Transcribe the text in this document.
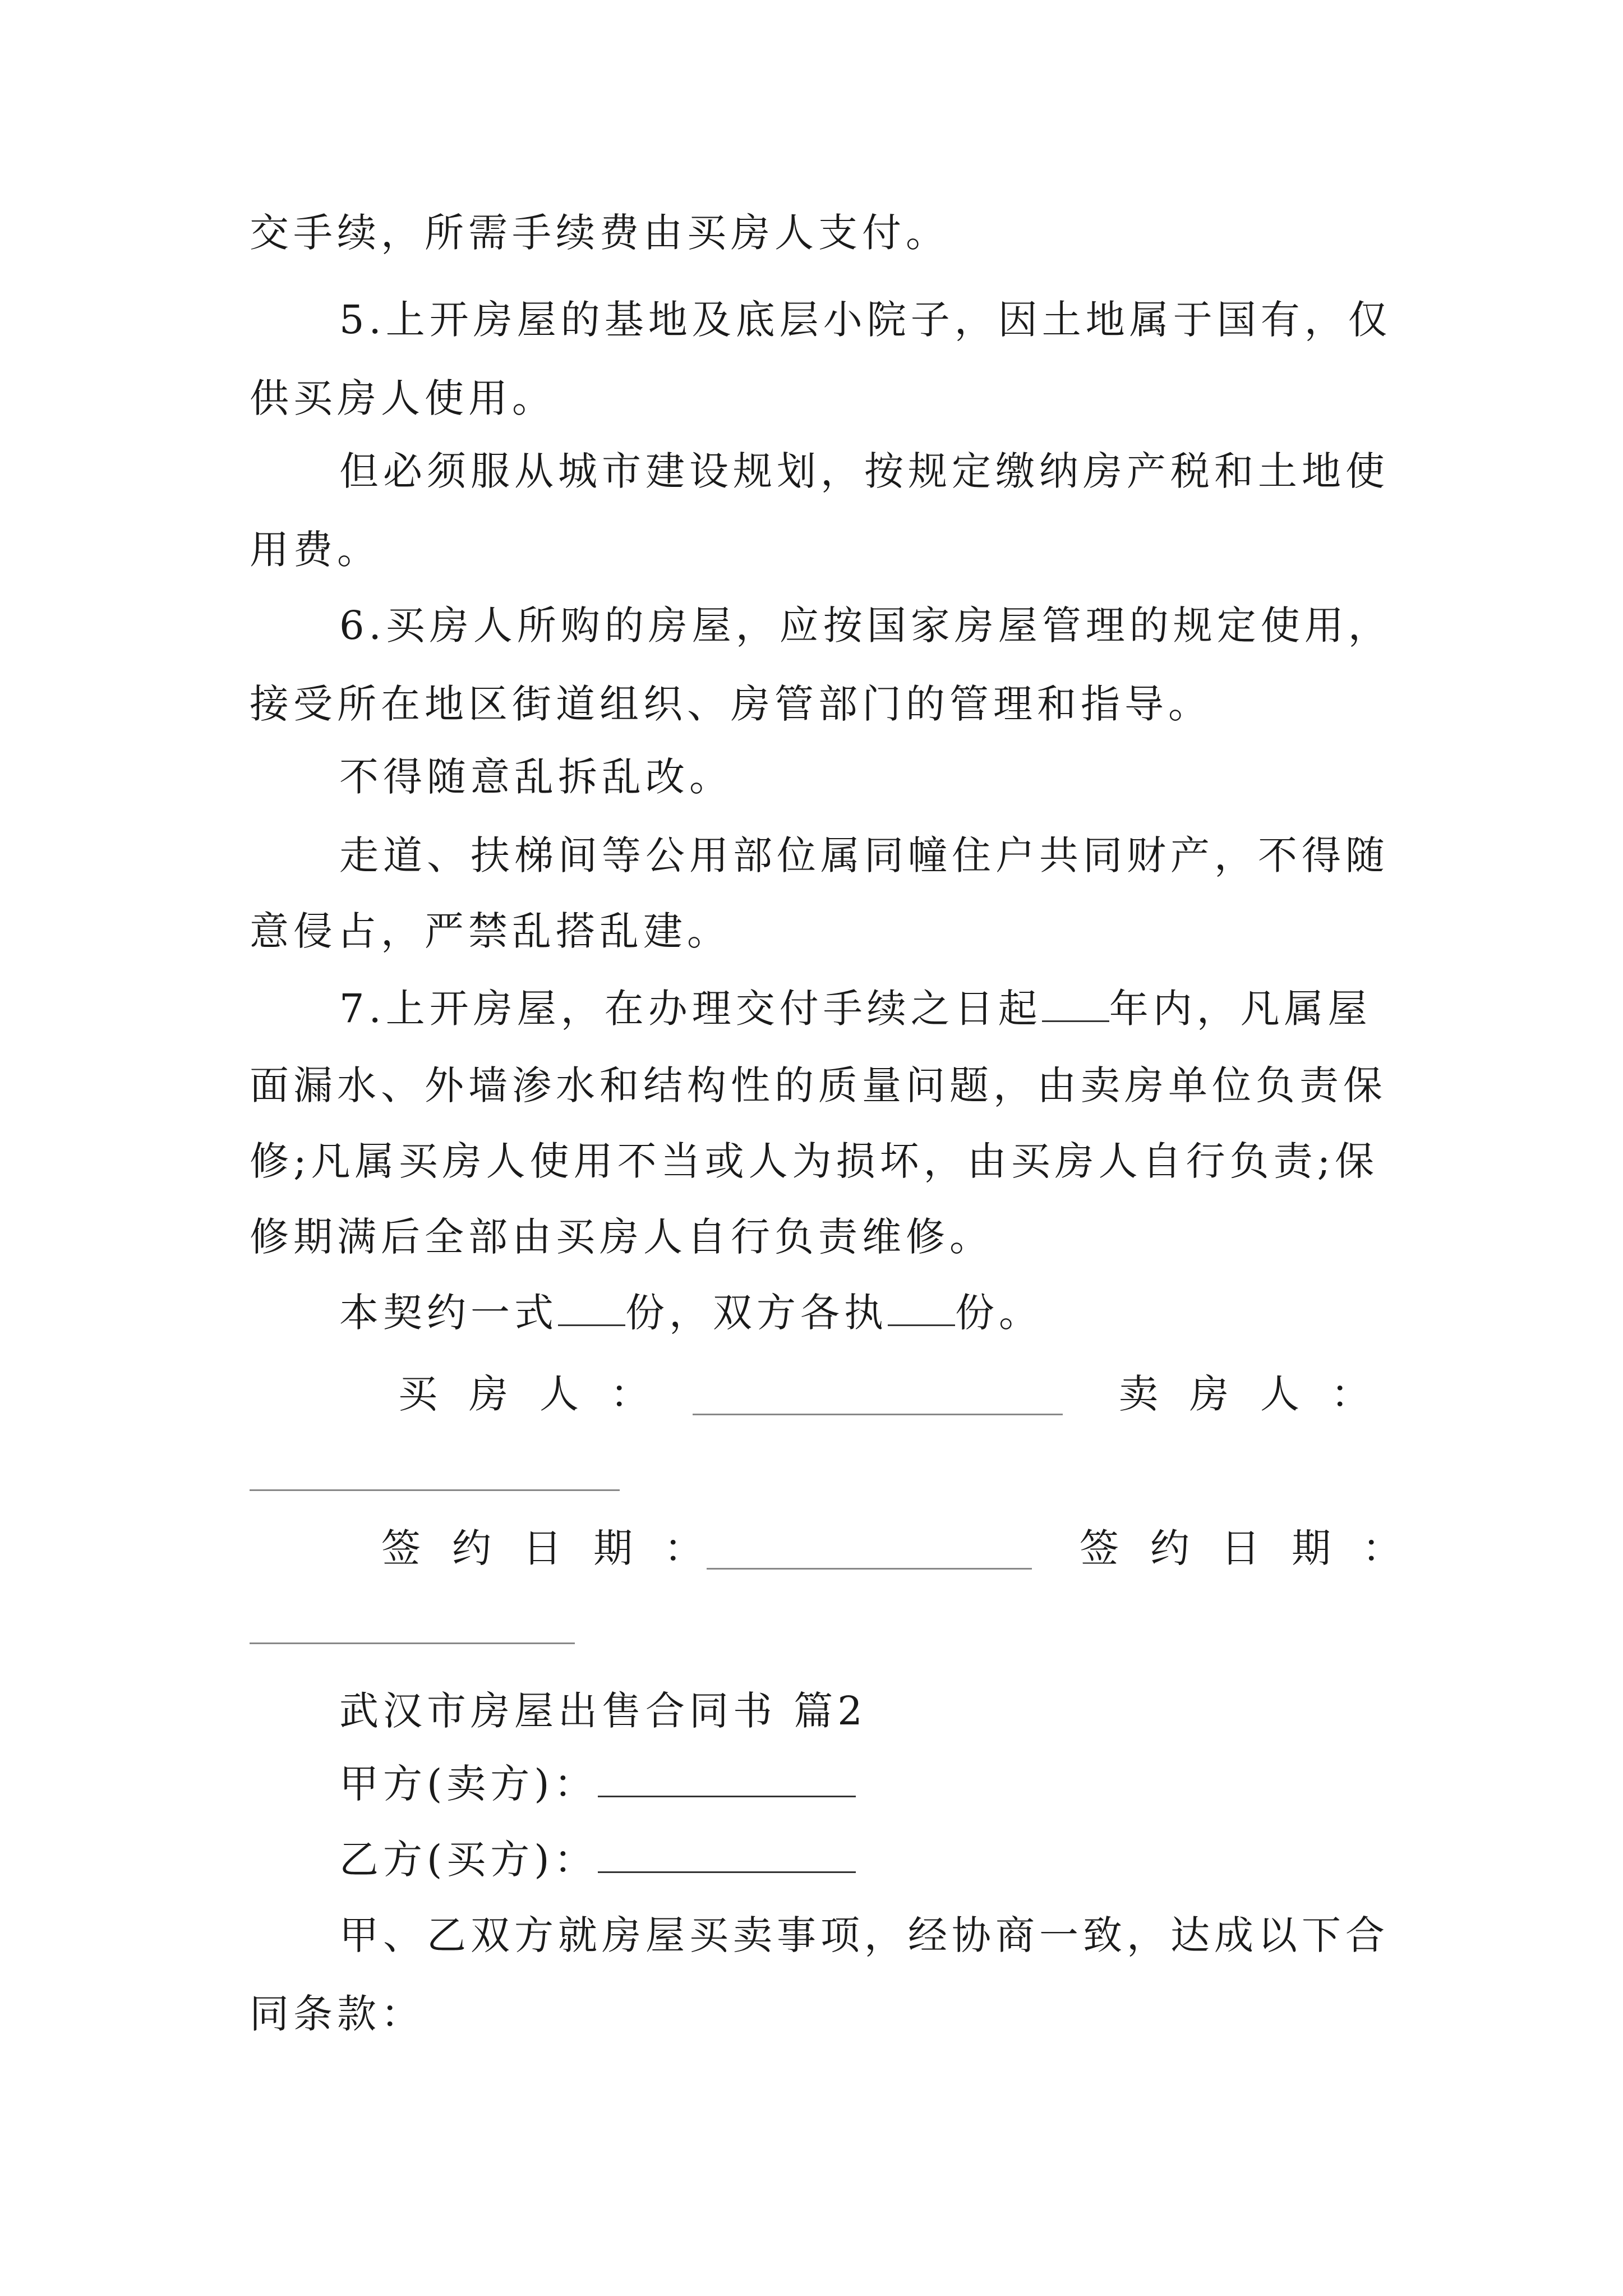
交手续，所需手续费由买房人支付。

5.上开房屋的基地及底层小院子，因土地属于国有，仅

供买房人使用。

但必须服从城市建设规划，按规定缴纳房产税和土地使

用费。

6.买房人所购的房屋，应按国家房屋管理的规定使用，

接受所在地区街道组织、房管部门的管理和指导。

不得随意乱拆乱改。

走道、扶梯间等公用部位属同幢住户共同财产，不得随

意侵占，严禁乱搭乱建。

7.上开房屋，在办理交付手续之日起 年内，凡属屋

面漏水、外墙渗水和结构性的质量问题，由卖房单位负责保

修;凡属买房人使用不当或人为损坏，由买房人自行负责;保

修期满后全部由买房人自行负责维修。

本契约一式 份，双方各执 份。

买房人：	卖房人：

签约日期：	签约日期：

武汉市房屋出售合同书 篇2

甲方(卖方)：

乙方(买方)：

甲、乙双方就房屋买卖事项，经协商一致，达成以下合

同条款：
